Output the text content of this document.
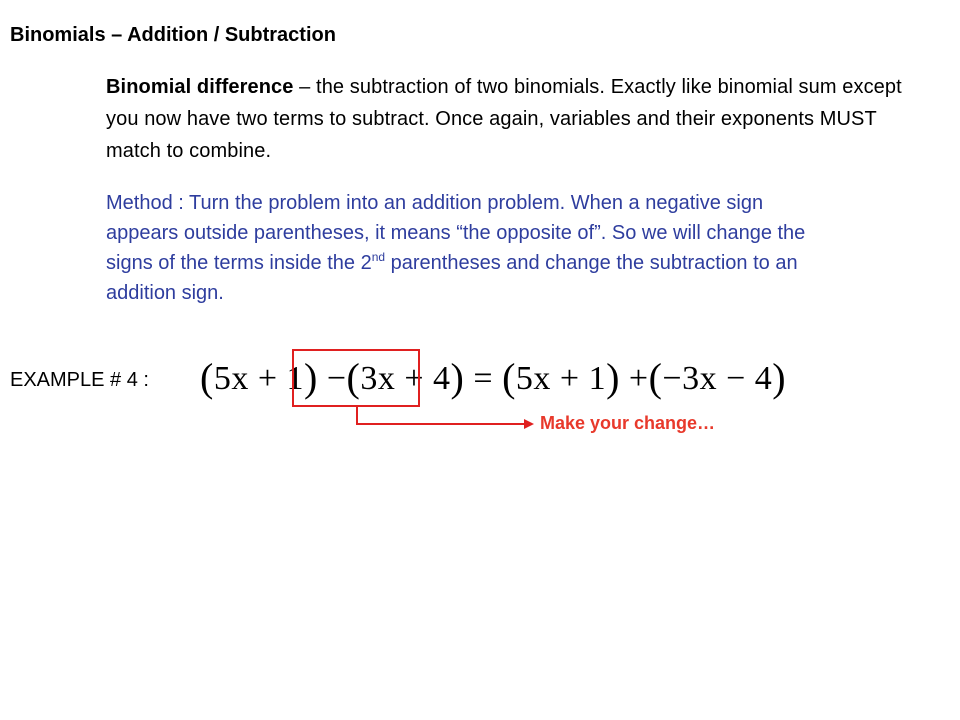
Binomials – Addition / Subtraction
Binomial difference – the subtraction of two binomials. Exactly like binomial sum except you now have two terms to subtract. Once again, variables and their exponents MUST match to combine.
Method : Turn the problem into an addition problem. When a negative sign appears outside parentheses, it means “the opposite of”. So we will change the signs of the terms inside the 2nd parentheses and change the subtraction to an addition sign.
EXAMPLE # 4 : (5x + 1) −(3x + 4) = (5x + 1) +(−3x − 4)
Make your change…
